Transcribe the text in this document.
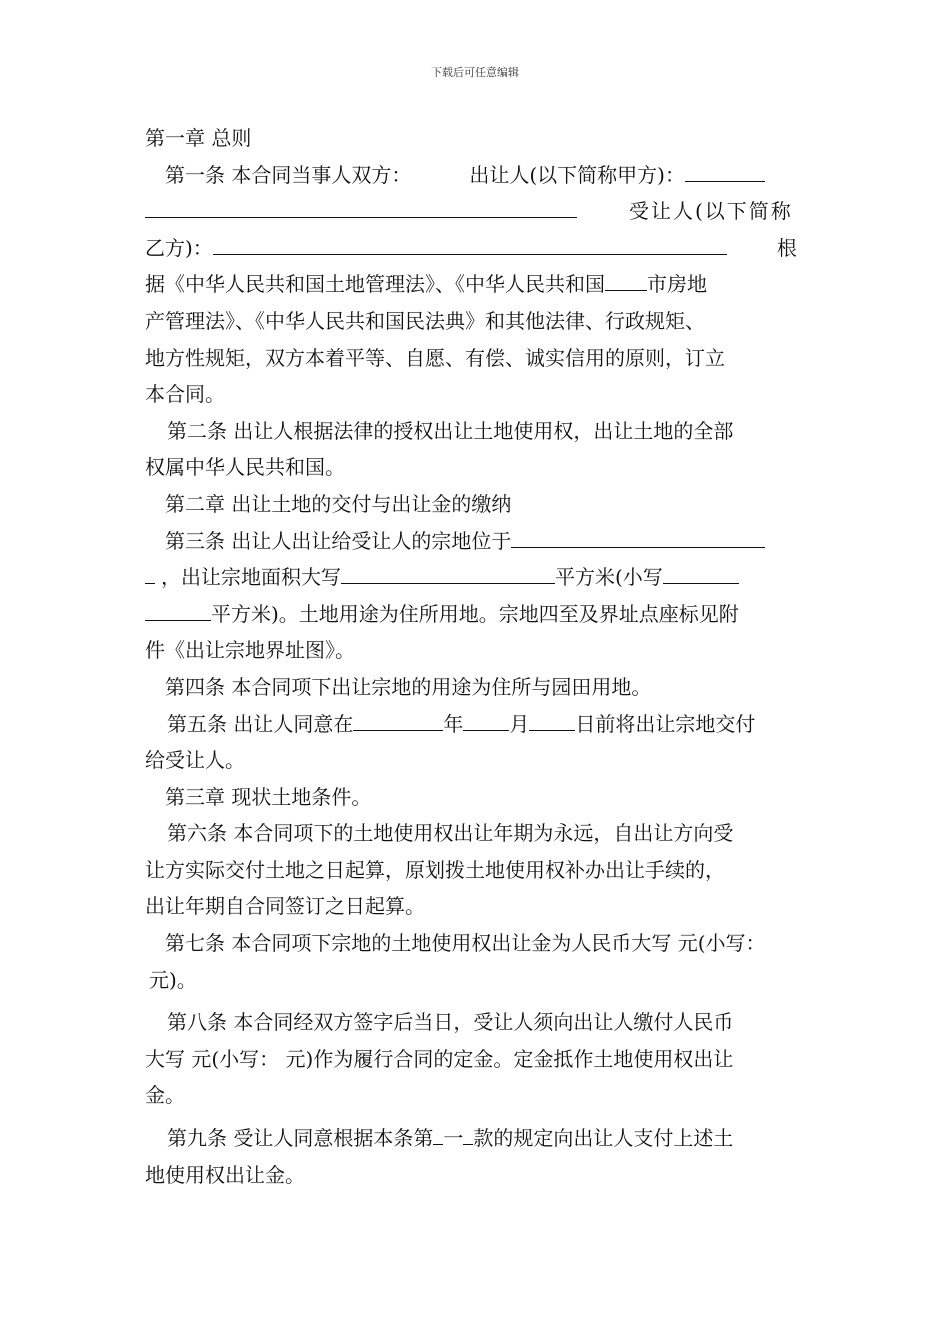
下载后可任意编辑
第一章 总则
第一条 本合同当事人双方：	出让人(以下简称甲方)：
受让人(以下简称
乙方)：	根
据《中华人民共和国土地管理法》、《中华人民共和国 市房地
产管理法》、《中华人民共和国民法典》和其他法律、行政规矩、
地方性规矩，双方本着平等、自愿、有偿、诚实信用的原则，订立
本合同。
第二条 出让人根据法律的授权出让土地使用权，出让土地的全部
权属中华人民共和国。
第二章 出让土地的交付与出让金的缴纳
第三条 出让人出让给受让人的宗地位于
，出让宗地面积大写	平方米(小写
平方米)。土地用途为住所用地。宗地四至及界址点座标见附
件《出让宗地界址图》。
第四条 本合同项下出让宗地的用途为住所与园田用地。
第五条 出让人同意在	年 月 日前将出让宗地交付
给受让人。
第三章 现状土地条件。
第六条 本合同项下的土地使用权出让年期为永远，自出让方向受
让方实际交付土地之日起算，原划拨土地使用权补办出让手续的，
出让年期自合同签订之日起算。
第七条 本合同项下宗地的土地使用权出让金为人民币大写 元(小写：
元)。
第八条 本合同经双方签字后当日，受让人须向出让人缴付人民币
大写 元(小写： 元)作为履行合同的定金。定金抵作土地使用权出让
金。
第九条 受让人同意根据本条第 一 款的规定向出让人支付上述土
地使用权出让金。
